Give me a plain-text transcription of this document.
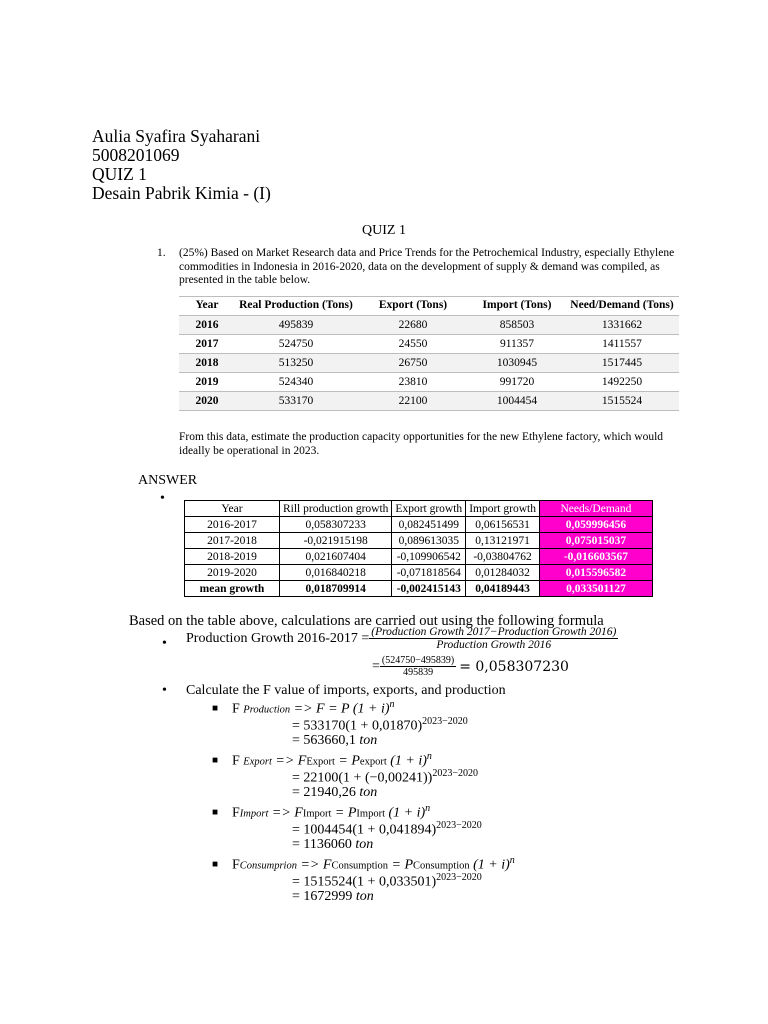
Aulia Syafira Syaharani
5008201069
QUIZ 1
Desain Pabrik Kimia - (I)
QUIZ 1
1. (25%) Based on Market Research data and Price Trends for the Petrochemical Industry, especially Ethylene commodities in Indonesia in 2016-2020, data on the development of supply & demand was compiled, as presented in the table below.
Year	Real Production (Tons)	Export (Tons)	Import (Tons)	Need/Demand (Tons)
2016	495839	22680	858503	1331662
2017	524750	24550	911357	1411557
2018	513250	26750	1030945	1517445
2019	524340	23810	991720	1492250
2020	533170	22100	1004454	1515524
From this data, estimate the production capacity opportunities for the new Ethylene factory, which would ideally be operational in 2023.
ANSWER
•
Year	Rill production growth	Export growth	Import growth	Needs/Demand
2016-2017	0,058307233	0,082451499	0,06156531	0,059996456
2017-2018	-0,021915198	0,089613035	0,13121971	0,075015037
2018-2019	0,021607404	-0,109906542	-0,03804762	-0,016603567
2019-2020	0,016840218	-0,071818564	0,01284032	0,015596582
mean growth	0,018709914	-0,002415143	0,04189443	0,033501127
Based on the table above, calculations are carried out using the following formula
• Production Growth $2016-2017 = \frac{\text{(Production Growth 2017−Production Growth 2016)}}{\text{Production Growth 2016}}$
= $\frac{(524750-495839)}{495839} = 0,058307230$
• Calculate the F value of imports, exports, and production
■ F Production => F = P $(1 + i)^n$
= $533170(1 + 0,01870)^{2023-2020}$
= 563660,1 ton
■ F Export => FExport = Pexport $(1 + i)^n$
= $22100(1 + (-0,00241))^{2023-2020}$
= 21940,26 ton
■ FImport => FImport = PImport $(1 + i)^n$
= $1004454(1 + 0,041894)^{2023-2020}$
= 1136060 ton
■ FConsumprion => FConsumption = PConsumption $(1 + i)^n$
= $1515524(1 + 0,033501)^{2023-2020}$
= 1672999 ton
